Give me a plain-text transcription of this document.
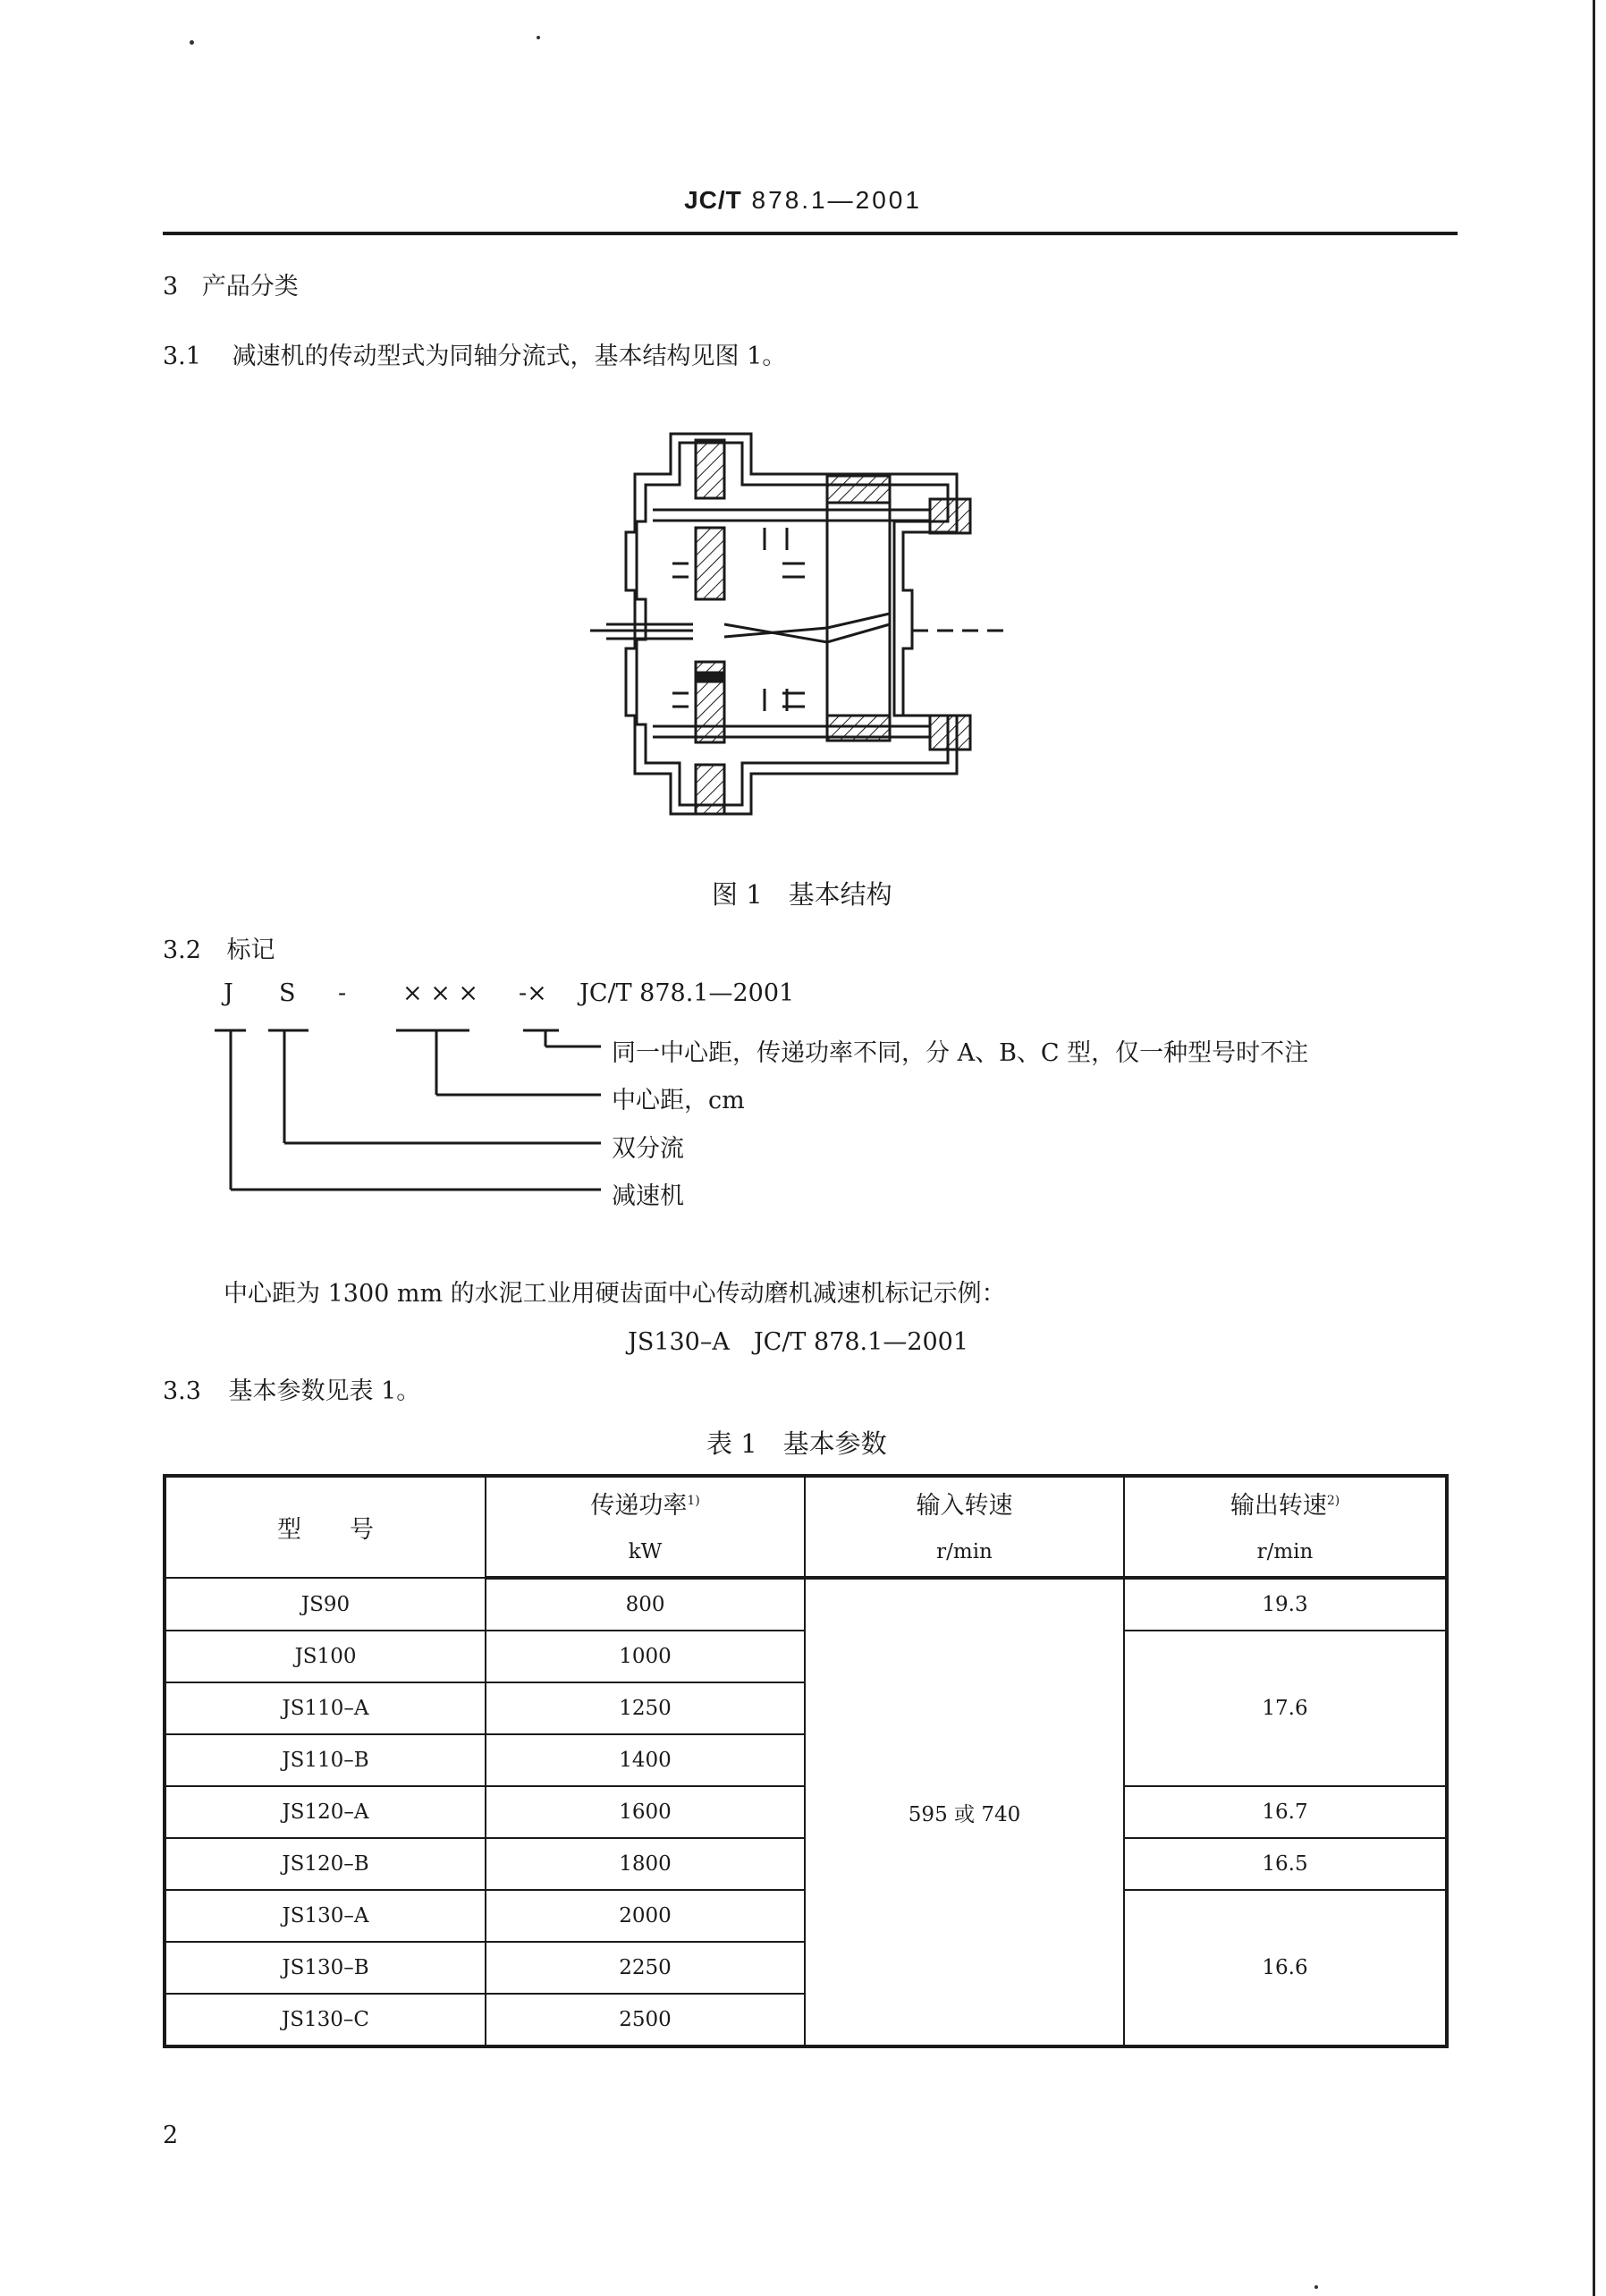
JC/T 878.1—2001
3 产品分类
3.1 减速机的传动型式为同轴分流式，基本结构见图 1。
图 1　基本结构
3.2 标记
J S - × × × -× JC/T 878.1—2001
同一中心距，传递功率不同，分 A、B、C 型，仅一种型号时不注
中心距，cm
双分流
减速机
中心距为 1300 mm 的水泥工业用硬齿面中心传动磨机减速机标记示例：
JS130–A　JC/T 878.1—2001
3.3 基本参数见表 1。
表 1　基本参数
型　　号	传递功率$^{1)}$	输入转速	输出转速$^{2)}$
	kW	r/min	r/min
JS90	800	595 或 740	19.3
JS100	1000		17.6
JS110–A	1250		
JS110–B	1400		
JS120–A	1600		16.7
JS120–B	1800		16.5
JS130–A	2000		16.6
JS130–B	2250		
JS130–C	2500		
2
